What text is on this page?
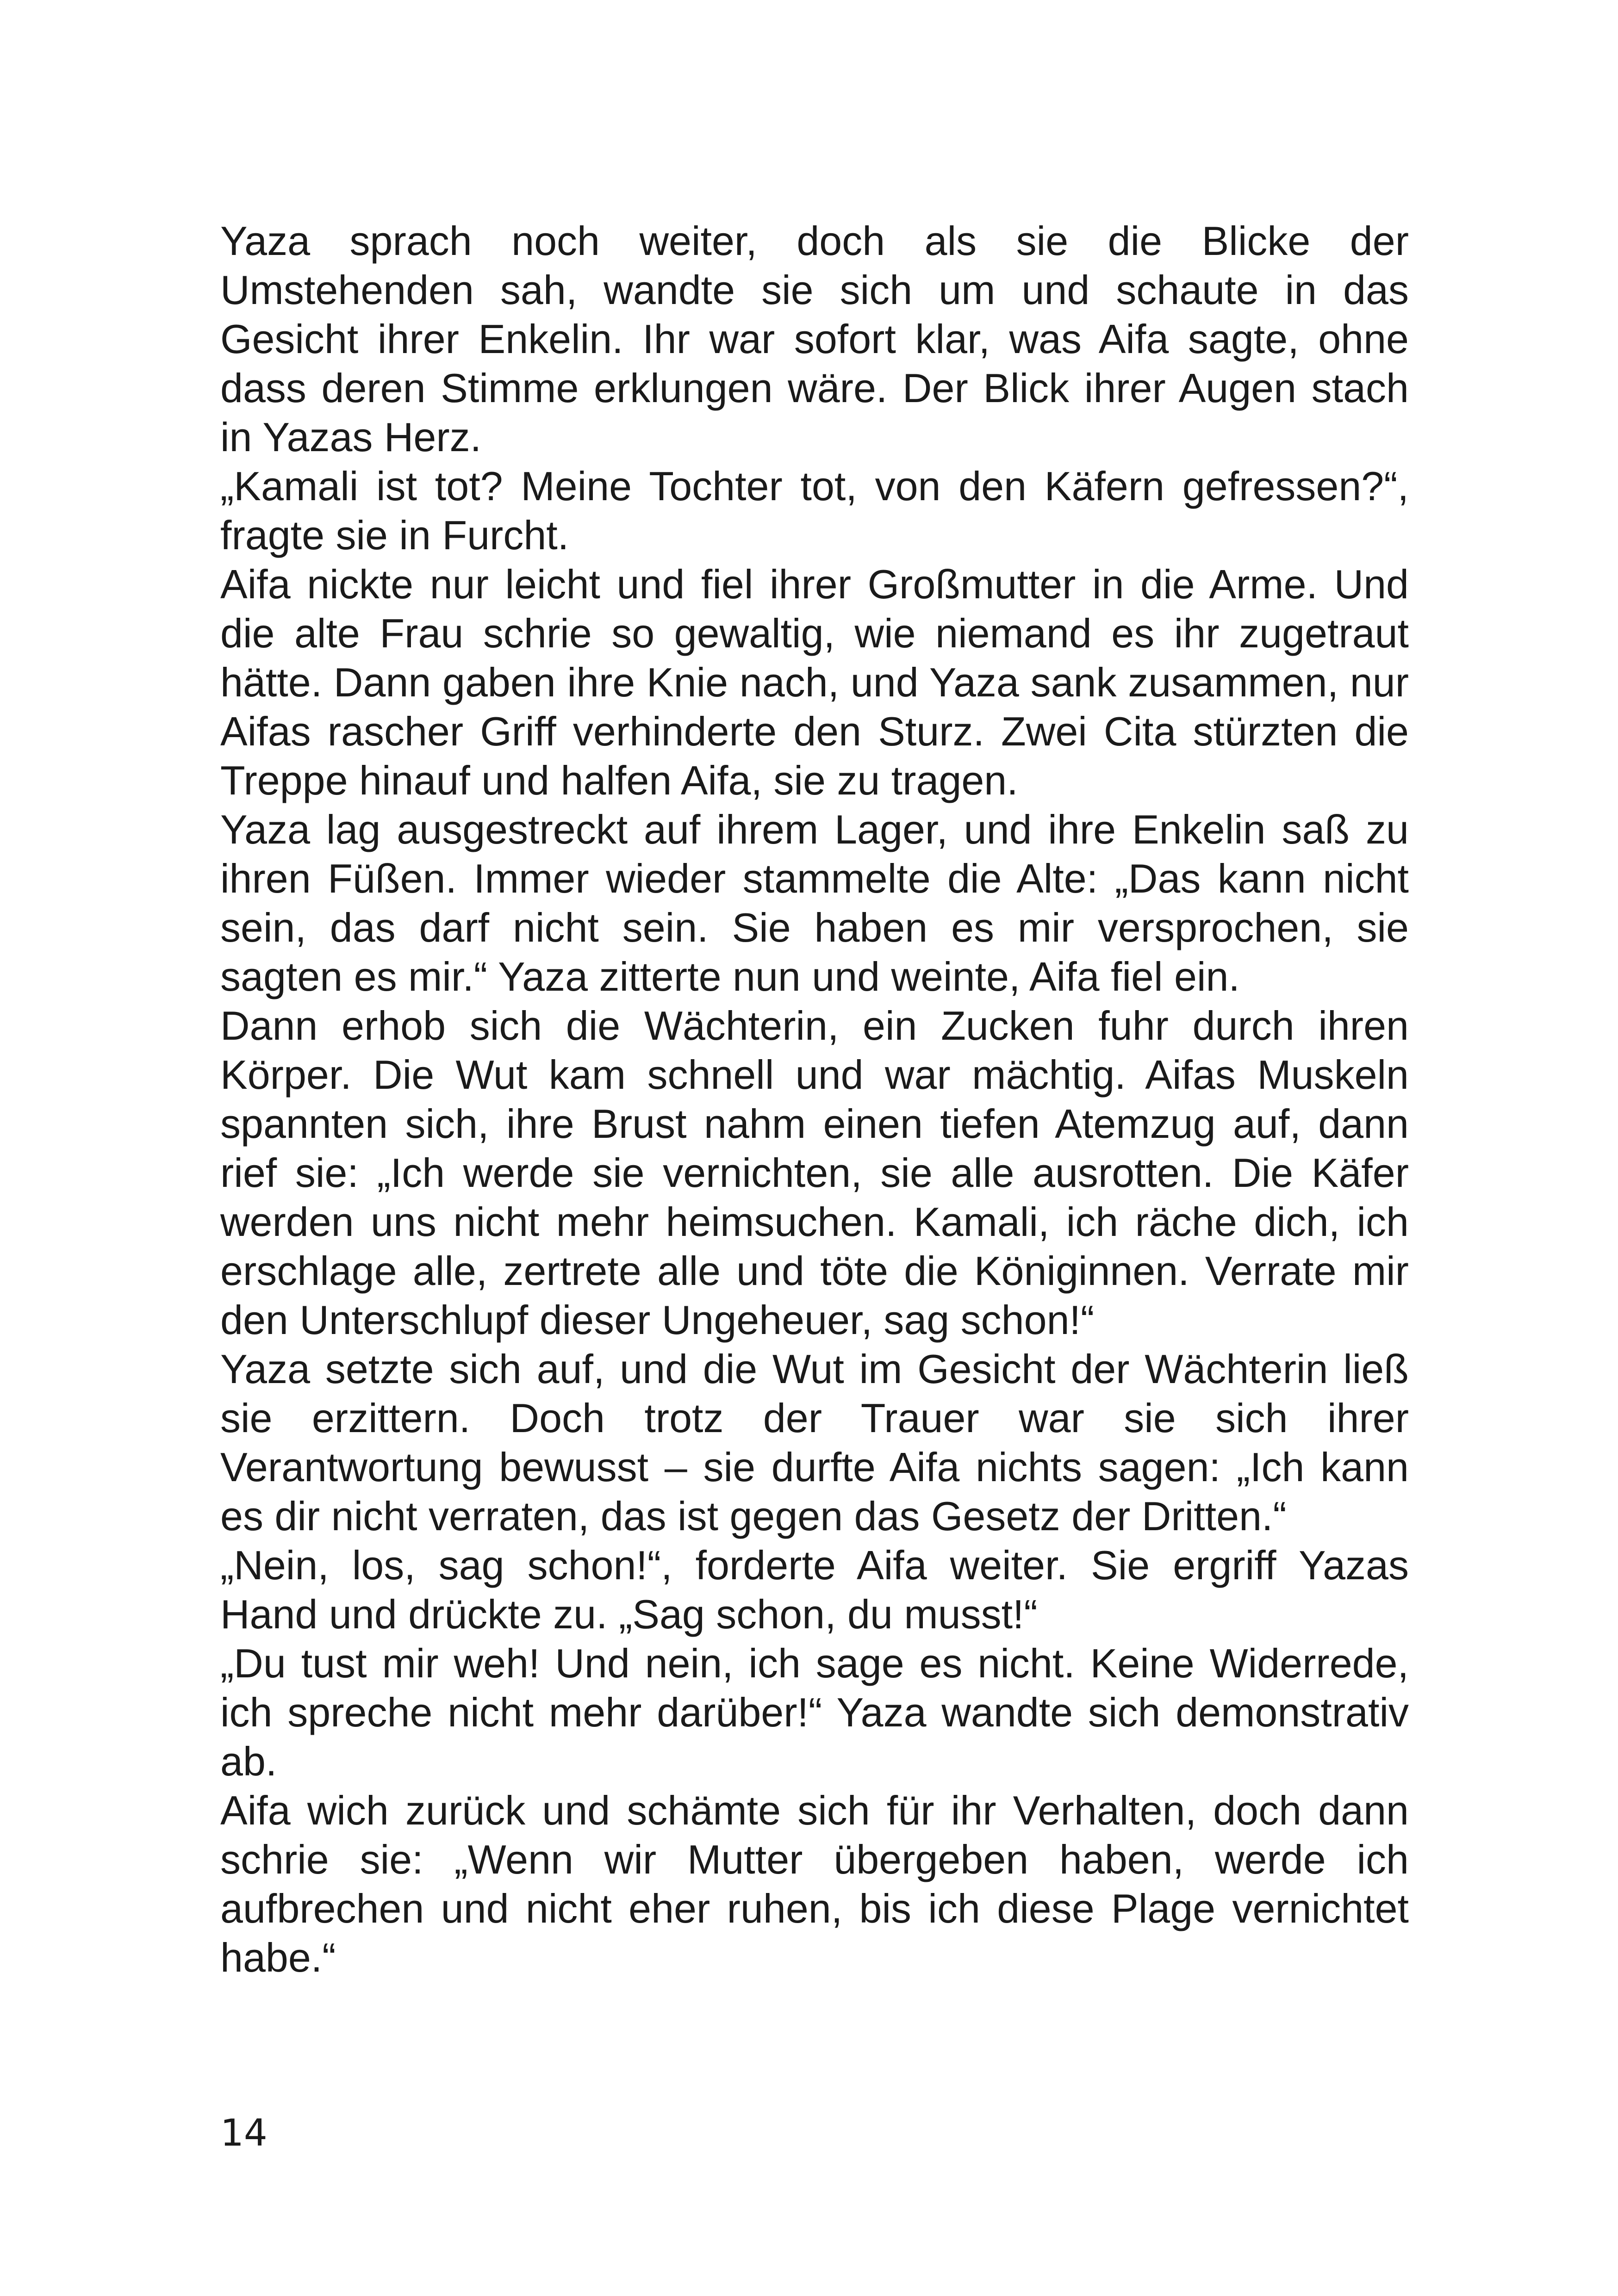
Yaza sprach noch weiter, doch als sie die Blicke der Umstehenden sah, wandte sie sich um und schaute in das Gesicht ihrer Enkelin. Ihr war sofort klar, was Aifa sagte, ohne dass deren Stimme erklungen wäre. Der Blick ihrer Augen stach in Yazas Herz.

„Kamali ist tot? Meine Tochter tot, von den Käfern gefressen?“, fragte sie in Furcht.

Aifa nickte nur leicht und fiel ihrer Großmutter in die Arme. Und die alte Frau schrie so gewaltig, wie niemand es ihr zugetraut hätte. Dann gaben ihre Knie nach, und Yaza sank zusammen, nur Aifas rascher Griff verhinderte den Sturz. Zwei Cita stürzten die Treppe hinauf und halfen Aifa, sie zu tragen.

Yaza lag ausgestreckt auf ihrem Lager, und ihre Enkelin saß zu ihren Füßen. Immer wieder stammelte die Alte: „Das kann nicht sein, das darf nicht sein. Sie haben es mir versprochen, sie sagten es mir.“ Yaza zitterte nun und weinte, Aifa fiel ein.

Dann erhob sich die Wächterin, ein Zucken fuhr durch ihren Körper. Die Wut kam schnell und war mächtig. Aifas Muskeln spannten sich, ihre Brust nahm einen tiefen Atemzug auf, dann rief sie: „Ich werde sie vernichten, sie alle ausrotten. Die Käfer werden uns nicht mehr heimsuchen. Kamali, ich räche dich, ich erschlage alle, zertrete alle und töte die Königinnen. Verrate mir den Unterschlupf dieser Ungeheuer, sag schon!“

Yaza setzte sich auf, und die Wut im Gesicht der Wächterin ließ sie erzittern. Doch trotz der Trauer war sie sich ihrer Verantwortung bewusst – sie durfte Aifa nichts sagen: „Ich kann es dir nicht verraten, das ist gegen das Gesetz der Dritten.“

„Nein, los, sag schon!“, forderte Aifa weiter. Sie ergriff Yazas Hand und drückte zu. „Sag schon, du musst!“

„Du tust mir weh! Und nein, ich sage es nicht. Keine Widerrede, ich spreche nicht mehr darüber!“ Yaza wandte sich demonstrativ ab.

Aifa wich zurück und schämte sich für ihr Verhalten, doch dann schrie sie: „Wenn wir Mutter übergeben haben, werde ich aufbrechen und nicht eher ruhen, bis ich diese Plage vernichtet habe.“

14
